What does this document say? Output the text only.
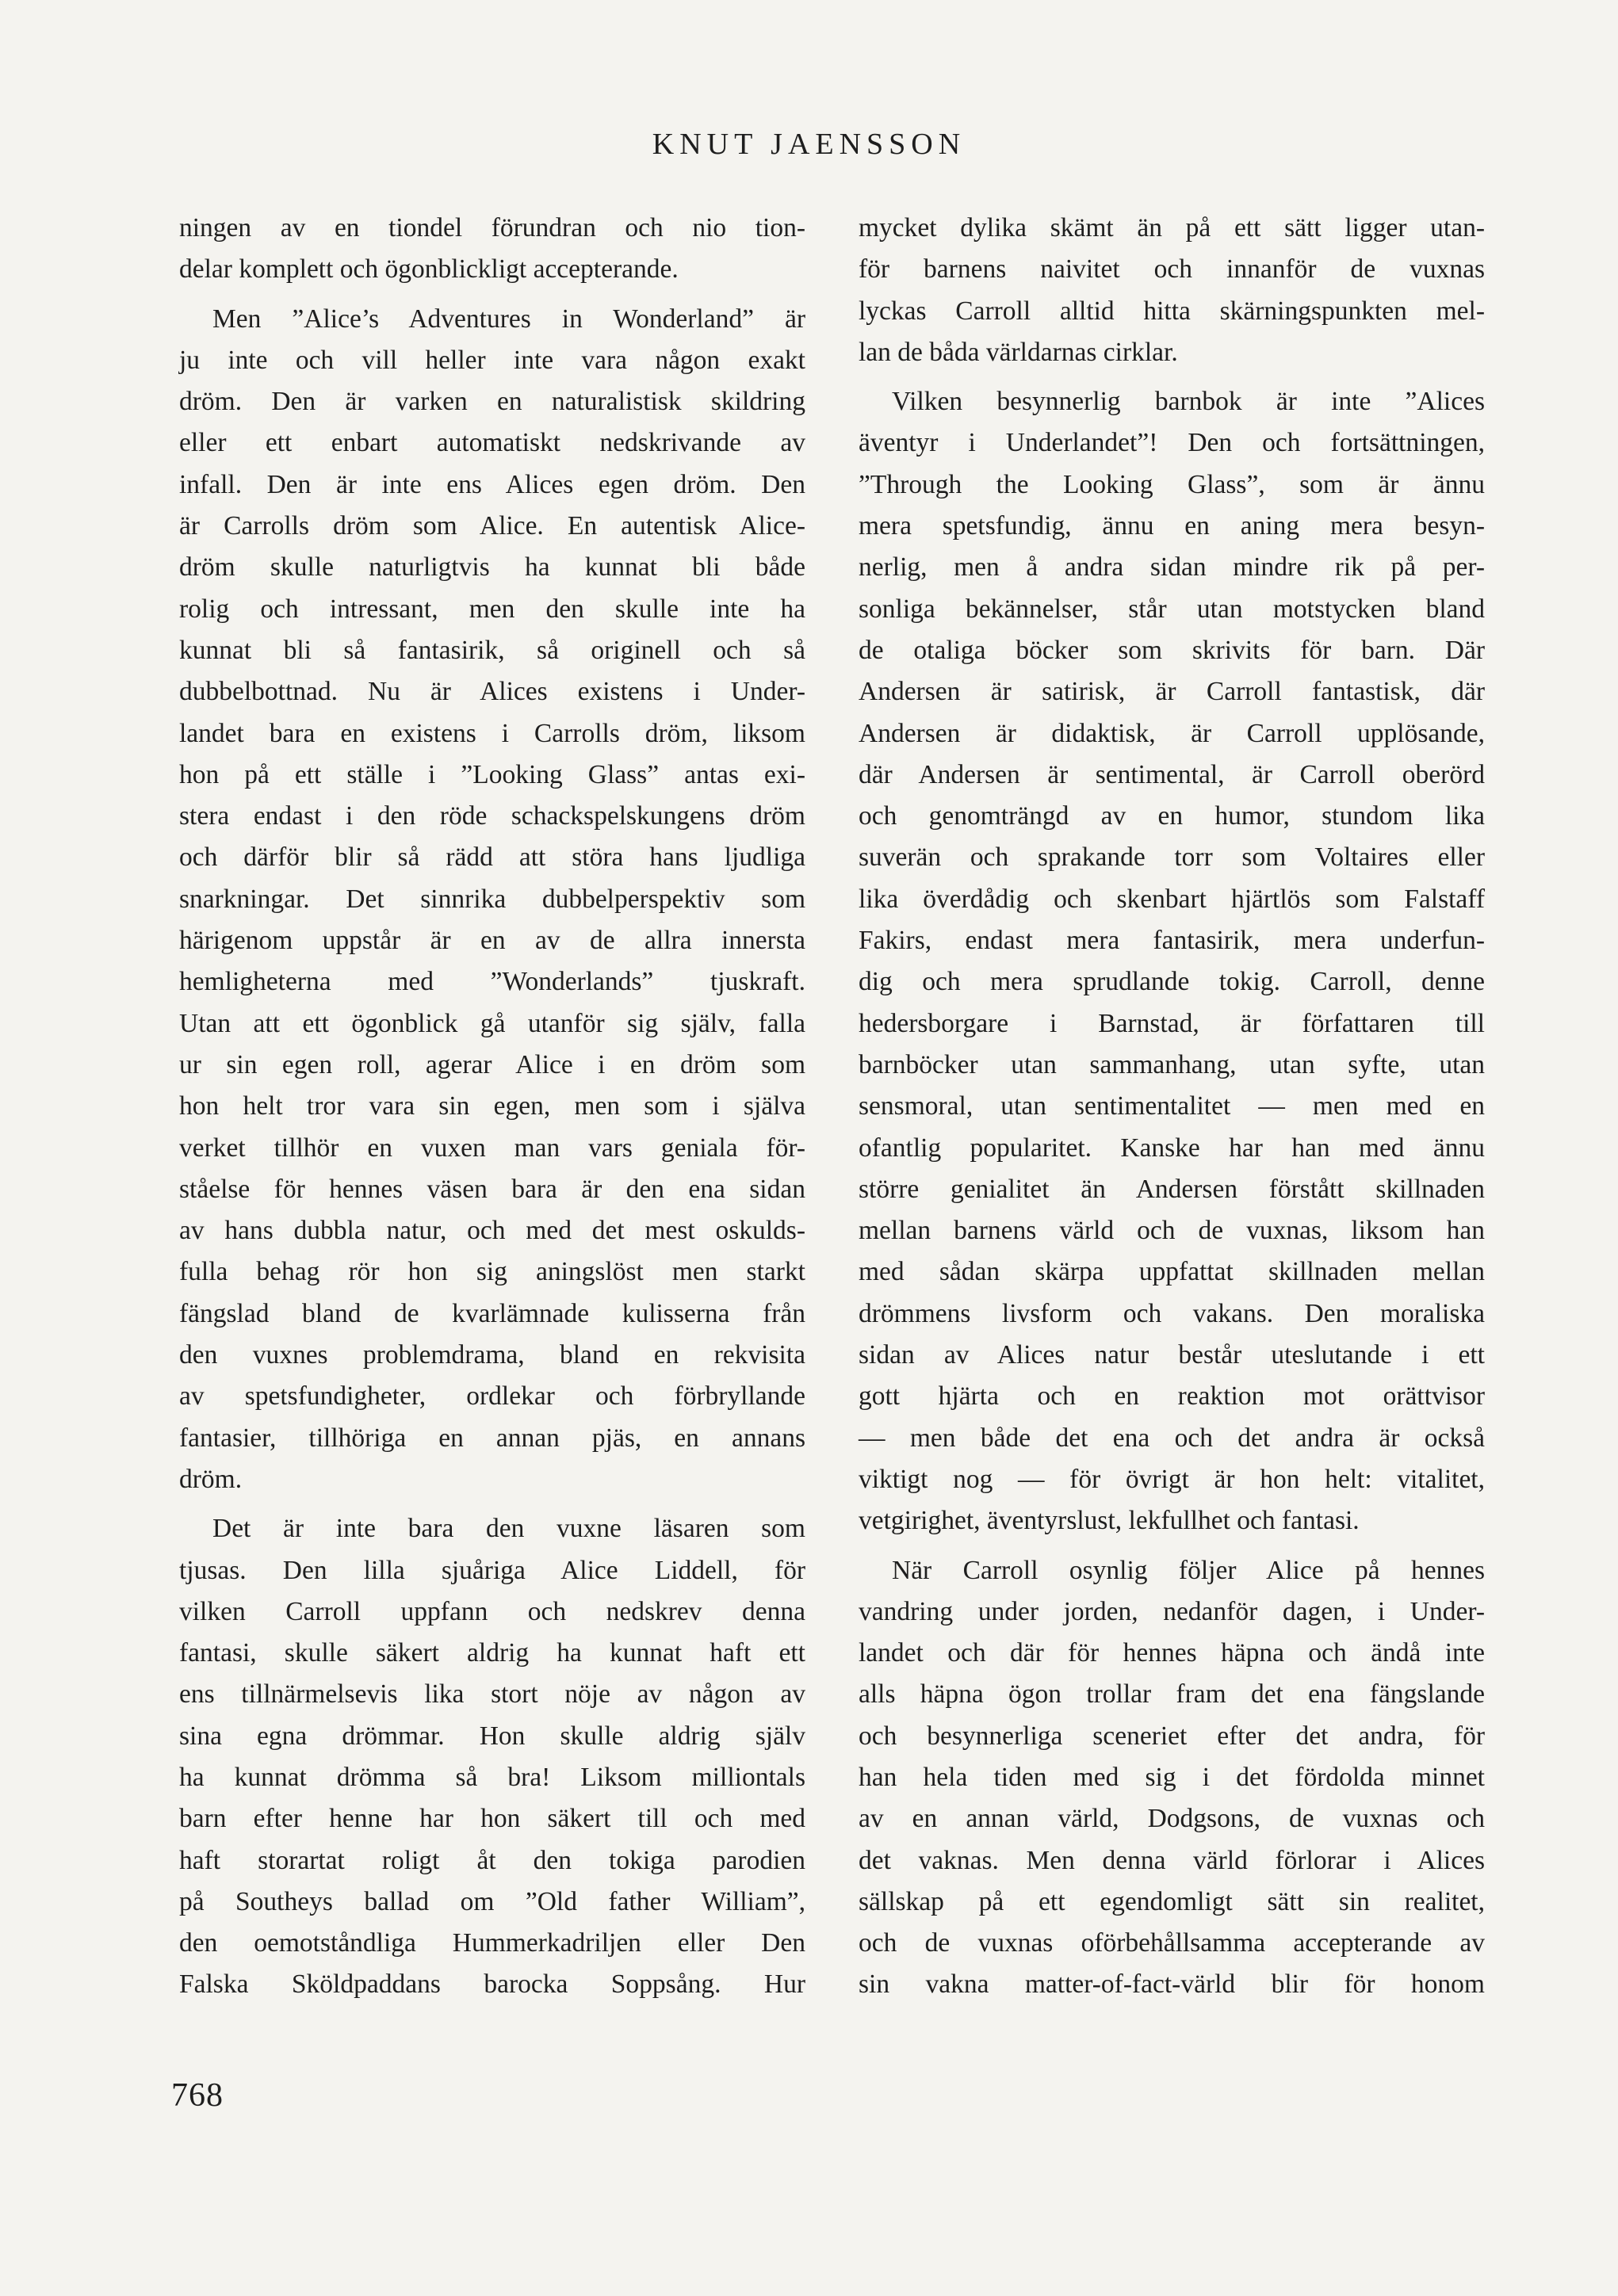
KNUT JAENSSON

ningen av en tiondel förundran och nio tion-

delar komplett och ögonblickligt accepterande.

Men ”Alice’s Adventures in Wonderland” är

ju inte och vill heller inte vara någon exakt

dröm. Den är varken en naturalistisk skildring

eller ett enbart automatiskt nedskrivande av

infall. Den är inte ens Alices egen dröm. Den

är Carrolls dröm som Alice. En autentisk Alice-

dröm skulle naturligtvis ha kunnat bli både

rolig och intressant, men den skulle inte ha

kunnat bli så fantasirik, så originell och så

dubbelbottnad. Nu är Alices existens i Under-

landet bara en existens i Carrolls dröm, liksom

hon på ett ställe i ”Looking Glass” antas exi-

stera endast i den röde schackspelskungens dröm

och därför blir så rädd att störa hans ljudliga

snarkningar. Det sinnrika dubbelperspektiv som

härigenom uppstår är en av de allra innersta

hemligheterna med ”Wonderlands” tjuskraft.

Utan att ett ögonblick gå utanför sig själv, falla

ur sin egen roll, agerar Alice i en dröm som

hon helt tror vara sin egen, men som i själva

verket tillhör en vuxen man vars geniala för-

ståelse för hennes väsen bara är den ena sidan

av hans dubbla natur, och med det mest oskulds-

fulla behag rör hon sig aningslöst men starkt

fängslad bland de kvarlämnade kulisserna från

den vuxnes problemdrama, bland en rekvisita

av spetsfundigheter, ordlekar och förbryllande

fantasier, tillhöriga en annan pjäs, en annans

dröm.

Det är inte bara den vuxne läsaren som

tjusas. Den lilla sjuåriga Alice Liddell, för

vilken Carroll uppfann och nedskrev denna

fantasi, skulle säkert aldrig ha kunnat haft ett

ens tillnärmelsevis lika stort nöje av någon av

sina egna drömmar. Hon skulle aldrig själv

ha kunnat drömma så bra! Liksom milliontals

barn efter henne har hon säkert till och med

haft storartat roligt åt den tokiga parodien

på Southeys ballad om ”Old father William”,

den oemotståndliga Hummerkadriljen eller Den

Falska Sköldpaddans barocka Soppsång. Hur

mycket dylika skämt än på ett sätt ligger utan-

för barnens naivitet och innanför de vuxnas

lyckas Carroll alltid hitta skärningspunkten mel-

lan de båda världarnas cirklar.

Vilken besynnerlig barnbok är inte ”Alices

äventyr i Underlandet”! Den och fortsättningen,

”Through the Looking Glass”, som är ännu

mera spetsfundig, ännu en aning mera besyn-

nerlig, men å andra sidan mindre rik på per-

sonliga bekännelser, står utan motstycken bland

de otaliga böcker som skrivits för barn. Där

Andersen är satirisk, är Carroll fantastisk, där

Andersen är didaktisk, är Carroll upplösande,

där Andersen är sentimental, är Carroll oberörd

och genomträngd av en humor, stundom lika

suverän och sprakande torr som Voltaires eller

lika överdådig och skenbart hjärtlös som Falstaff

Fakirs, endast mera fantasirik, mera underfun-

dig och mera sprudlande tokig. Carroll, denne

hedersborgare i Barnstad, är författaren till

barnböcker utan sammanhang, utan syfte, utan

sensmoral, utan sentimentalitet — men med en

ofantlig popularitet. Kanske har han med ännu

större genialitet än Andersen förstått skillnaden

mellan barnens värld och de vuxnas, liksom han

med sådan skärpa uppfattat skillnaden mellan

drömmens livsform och vakans. Den moraliska

sidan av Alices natur består uteslutande i ett

gott hjärta och en reaktion mot orättvisor

— men både det ena och det andra är också

viktigt nog — för övrigt är hon helt: vitalitet,

vetgirighet, äventyrslust, lekfullhet och fantasi.

När Carroll osynlig följer Alice på hennes

vandring under jorden, nedanför dagen, i Under-

landet och där för hennes häpna och ändå inte

alls häpna ögon trollar fram det ena fängslande

och besynnerliga sceneriet efter det andra, för

han hela tiden med sig i det fördolda minnet

av en annan värld, Dodgsons, de vuxnas och

det vaknas. Men denna värld förlorar i Alices

sällskap på ett egendomligt sätt sin realitet,

och de vuxnas oförbehållsamma accepterande av

sin vakna matter-of-fact-värld blir för honom

768
